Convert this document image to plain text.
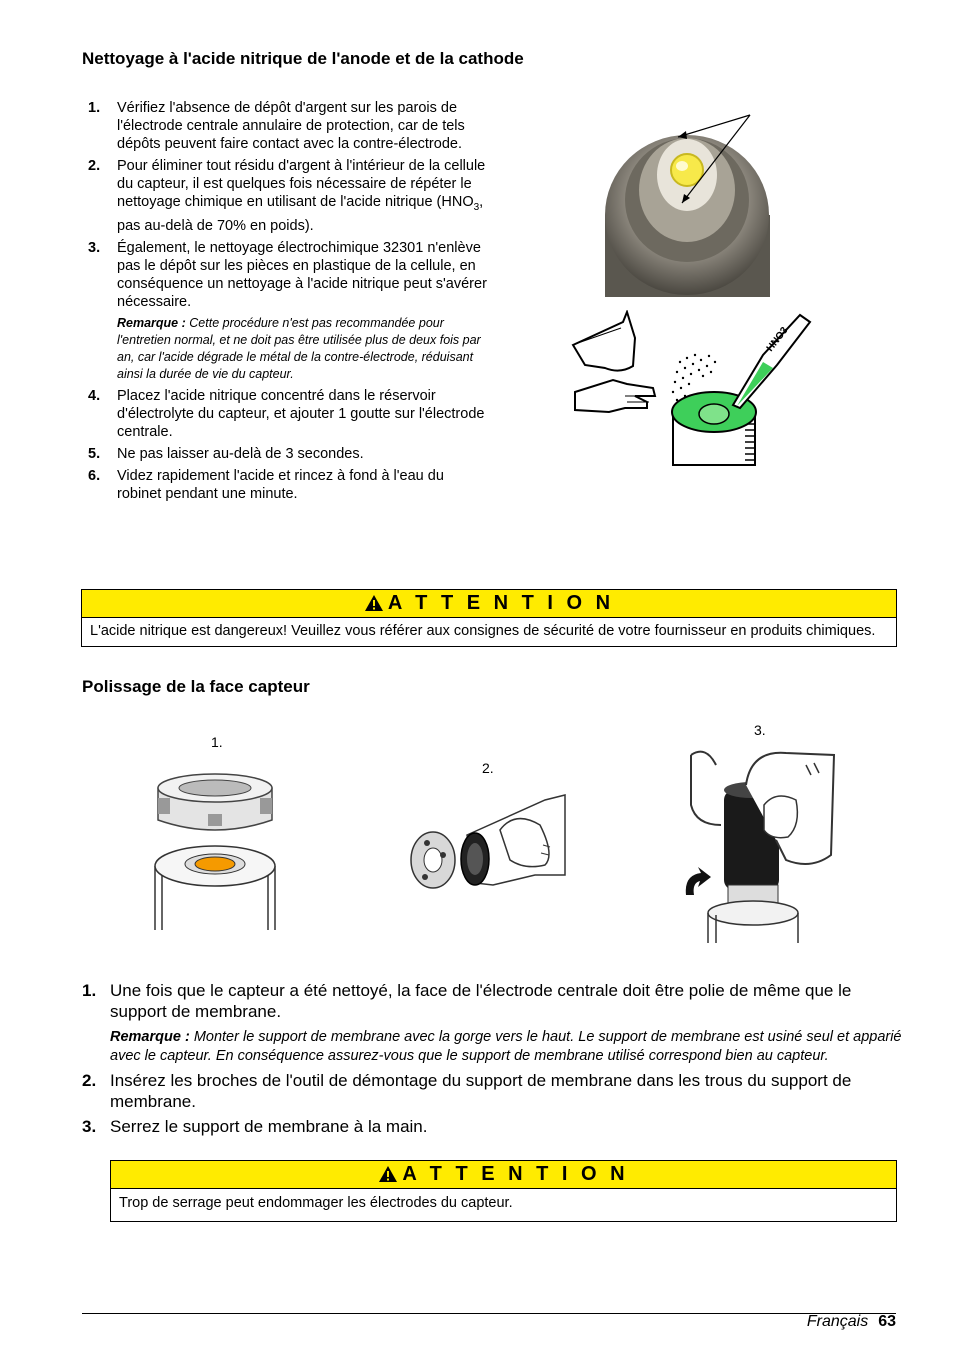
Nettoyage à l'acide nitrique de l'anode et de la cathode
1. Vérifiez l'absence de dépôt d'argent sur les parois de l'électrode centrale annulaire de protection, car de tels dépôts peuvent faire contact avec la contre-électrode.
2. Pour éliminer tout résidu d'argent à l'intérieur de la cellule du capteur, il est quelques fois nécessaire de répéter le nettoyage chimique en utilisant de l'acide nitrique ($HNO_3$, pas au-delà de 70% en poids).
3. Également, le nettoyage électrochimique 32301 n'enlève pas le dépôt sur les pièces en plastique de la cellule, en conséquence un nettoyage à l'acide nitrique peut s'avérer nécessaire.
Remarque : Cette procédure n'est pas recommandée pour l'entretien normal, et ne doit pas être utilisée plus de deux fois par an, car l'acide dégrade le métal de la contre-électrode, réduisant ainsi la durée de vie du capteur.
4. Placez l'acide nitrique concentré dans le réservoir d'électrolyte du capteur, et ajouter 1 goutte sur l'électrode centrale.
5. Ne pas laisser au-delà de 3 secondes.
6. Videz rapidement l'acide et rincez à fond à l'eau du robinet pendant une minute.
HNO3
A T T E N T I O N
L'acide nitrique est dangereux! Veuillez vous référer aux consignes de sécurité de votre fournisseur en produits chimiques.
Polissage de la face capteur
1.
2.
3.
1. Une fois que le capteur a été nettoyé, la face de l'électrode centrale doit être polie de même que le support de membrane.
Remarque : Monter le support de membrane avec la gorge vers le haut. Le support de membrane est usiné seul et apparié avec le capteur. En conséquence assurez-vous que le support de membrane utilisé correspond bien au capteur.
2. Insérez les broches de l'outil de démontage du support de membrane dans les trous du support de membrane.
3. Serrez le support de membrane à la main.
A T T E N T I O N
Trop de serrage peut endommager les électrodes du capteur.
Français 63
